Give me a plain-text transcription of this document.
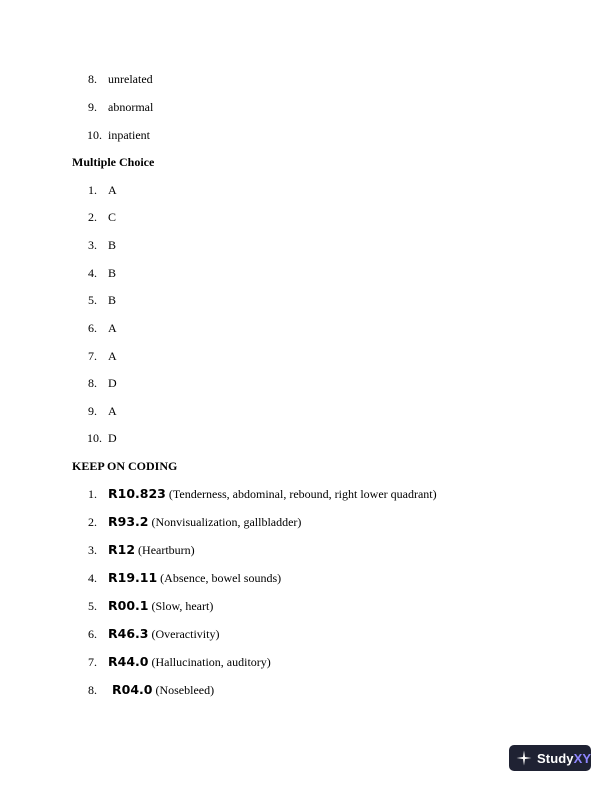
8. unrelated
9. abnormal
10. inpatient
Multiple Choice
1. A
2. C
3. B
4. B
5. B
6. A
7. A
8. D
9. A
10. D
KEEP ON CODING
1. R10.823 (Tenderness, abdominal, rebound, right lower quadrant)
2. R93.2 (Nonvisualization, gallbladder)
3. R12 (Heartburn)
4. R19.11 (Absence, bowel sounds)
5. R00.1 (Slow, heart)
6. R46.3 (Overactivity)
7. R44.0 (Hallucination, auditory)
8.	R04.0 (Nosebleed)
StudyXY
